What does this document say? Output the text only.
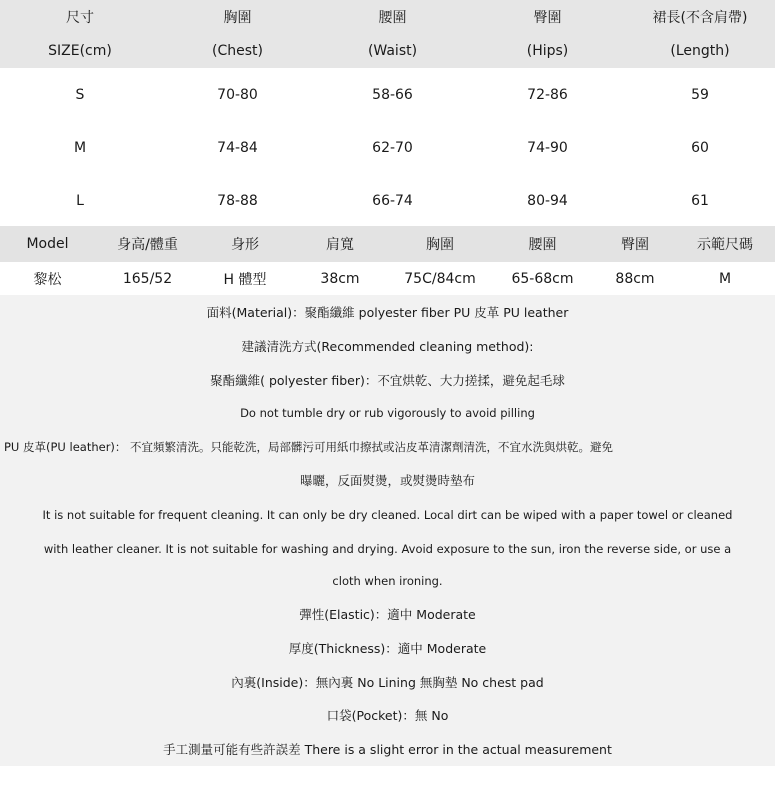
尺寸	胸圍	腰圍	臀圍	裙長(不含肩帶)
SIZE(cm)	(Chest)	(Waist)	(Hips)	(Length)
S	70-80	58-66	72-86	59
M	74-84	62-70	74-90	60
L	78-88	66-74	80-94	61
Model	身高/體重	身形	肩寬	胸圍	腰圍	臀圍	示範尺碼
黎松	165/52	H 體型	38cm	75C/84cm	65-68cm	88cm	M
面料(Material)：聚酯纖維 polyester fiber PU 皮革 PU leather
建議清洗方式(Recommended cleaning method):
聚酯纖維( polyester fiber)：不宜烘乾、大力搓揉，避免起毛球
Do not tumble dry or rub vigorously to avoid pilling
PU 皮革(PU leather)： 不宜頻繁清洗。只能乾洗，局部髒污可用紙巾擦拭或沾皮革清潔劑清洗，不宜水洗與烘乾。避免
曝曬，反面熨燙，或熨燙時墊布
It is not suitable for frequent cleaning. It can only be dry cleaned. Local dirt can be wiped with a paper towel or cleaned
with leather cleaner. It is not suitable for washing and drying. Avoid exposure to the sun, iron the reverse side, or use a
cloth when ironing.
彈性(Elastic)：適中 Moderate
厚度(Thickness)：適中 Moderate
內裏(Inside)：無內裏 No Lining 無胸墊 No chest pad
口袋(Pocket)：無 No
手工測量可能有些許誤差 There is a slight error in the actual measurement
